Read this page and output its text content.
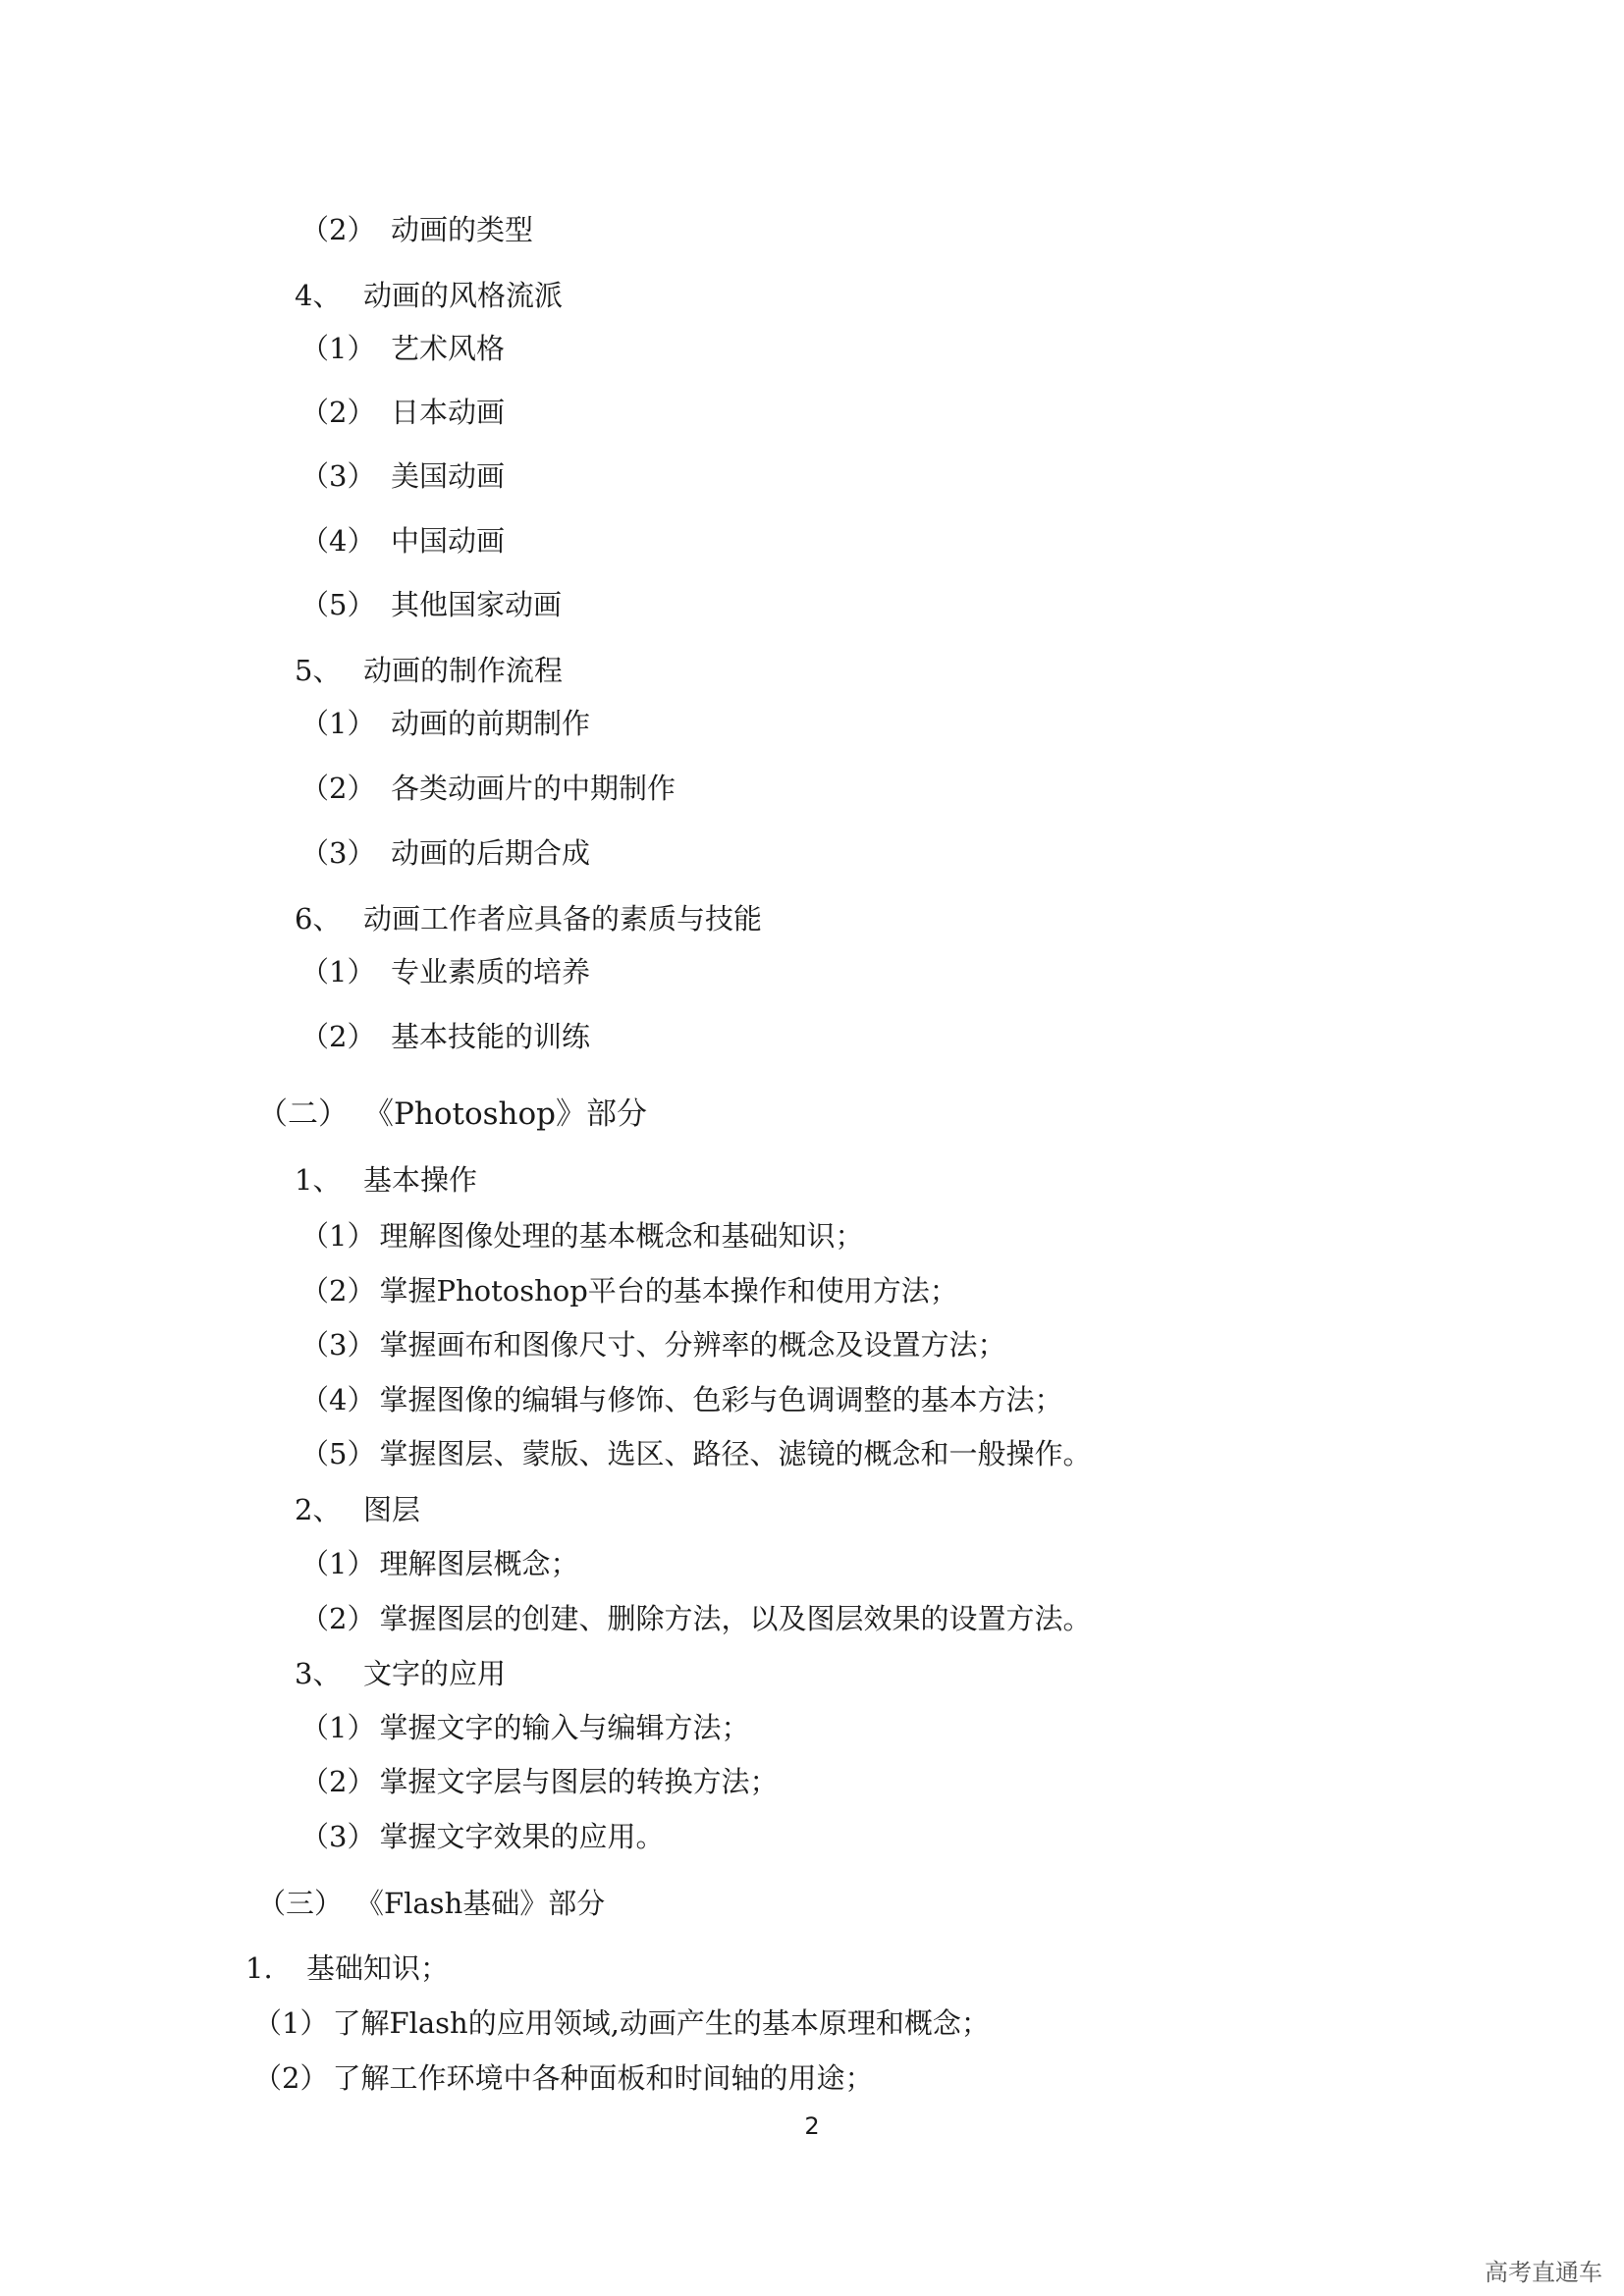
（2） 动画的类型
4、 动画的风格流派
（1） 艺术风格
（2） 日本动画
（3） 美国动画
（4） 中国动画
（5） 其他国家动画
5、 动画的制作流程
（1） 动画的前期制作
（2） 各类动画片的中期制作
（3） 动画的后期合成
6、 动画工作者应具备的素质与技能
（1） 专业素质的培养
（2） 基本技能的训练
（二） 《Photoshop》部分
1、 基本操作
（1） 理解图像处理的基本概念和基础知识；
（2） 掌握Photoshop平台的基本操作和使用方法；
（3） 掌握画布和图像尺寸、分辨率的概念及设置方法；
（4） 掌握图像的编辑与修饰、色彩与色调调整的基本方法；
（5） 掌握图层、蒙版、选区、路径、滤镜的概念和一般操作。
2、 图层
（1） 理解图层概念；
（2） 掌握图层的创建、删除方法，以及图层效果的设置方法。
3、 文字的应用
（1） 掌握文字的输入与编辑方法；
（2） 掌握文字层与图层的转换方法；
（3） 掌握文字效果的应用。
（三） 《Flash基础》部分
1. 基础知识；
（1） 了解Flash的应用领域,动画产生的基本原理和概念；
（2） 了解工作环境中各种面板和时间轴的用途；
2
高考直通车
